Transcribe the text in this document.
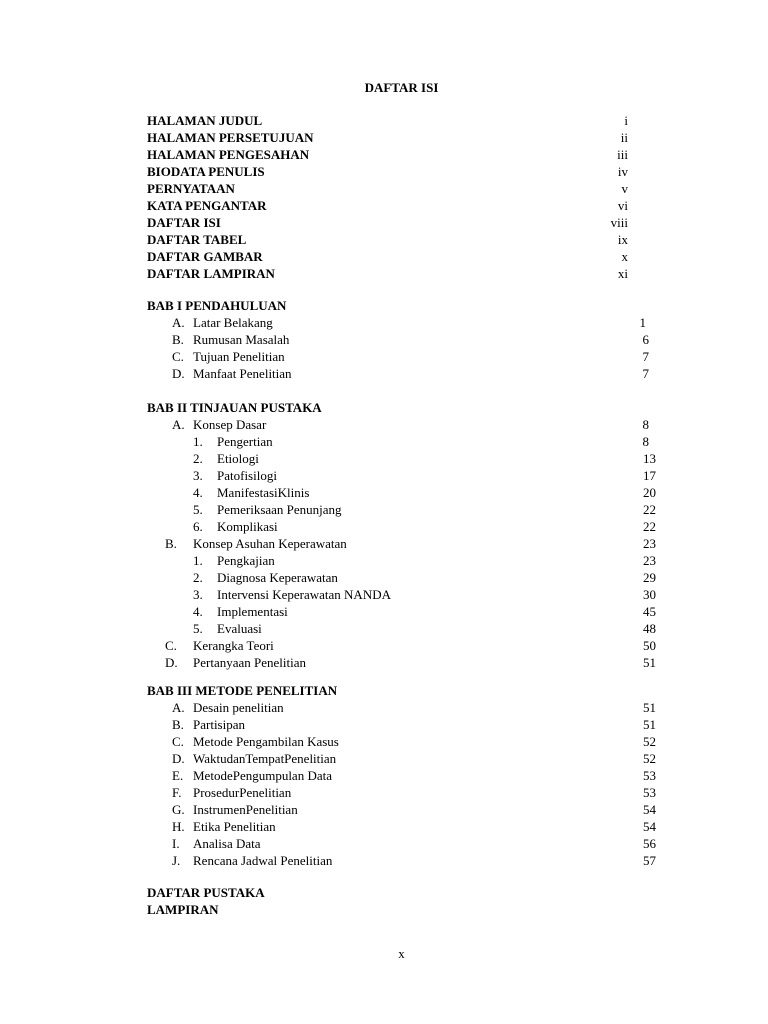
DAFTAR ISI
HALAMAN JUDUL	i
HALAMAN PERSETUJUAN	ii
HALAMAN PENGESAHAN	iii
BIODATA PENULIS	iv
PERNYATAAN	v
KATA PENGANTAR	vi
DAFTAR ISI	viii
DAFTAR TABEL	ix
DAFTAR GAMBAR	x
DAFTAR LAMPIRAN	xi
BAB I PENDAHULUAN
A. Latar Belakang	1
B. Rumusan Masalah	6
C. Tujuan Penelitian	7
D. Manfaat Penelitian	7
BAB II TINJAUAN PUSTAKA
A. Konsep Dasar	8
1.	Pengertian	8
2.	Etiologi	13
3.	Patofisilogi	17
4.	ManifestasiKlinis	20
5.	Pemeriksaan Penunjang	22
6.	Komplikasi	22
B.	Konsep Asuhan Keperawatan	23
1.	Pengkajian	23
2.	Diagnosa Keperawatan	29
3.	Intervensi Keperawatan NANDA	30
4.	Implementasi	45
5.	Evaluasi	48
C.	Kerangka Teori	50
D.	Pertanyaan Penelitian	51
BAB III METODE PENELITIAN
A. Desain penelitian	51
B. Partisipan	51
C. Metode Pengambilan Kasus	52
D. WaktudanTempatPenelitian	52
E. MetodePengumpulan Data	53
F. ProsedurPenelitian	53
G. InstrumenPenelitian	54
H. Etika Penelitian	54
I.	Analisa Data	56
J. Rencana Jadwal Penelitian	57
DAFTAR PUSTAKA
LAMPIRAN
x
